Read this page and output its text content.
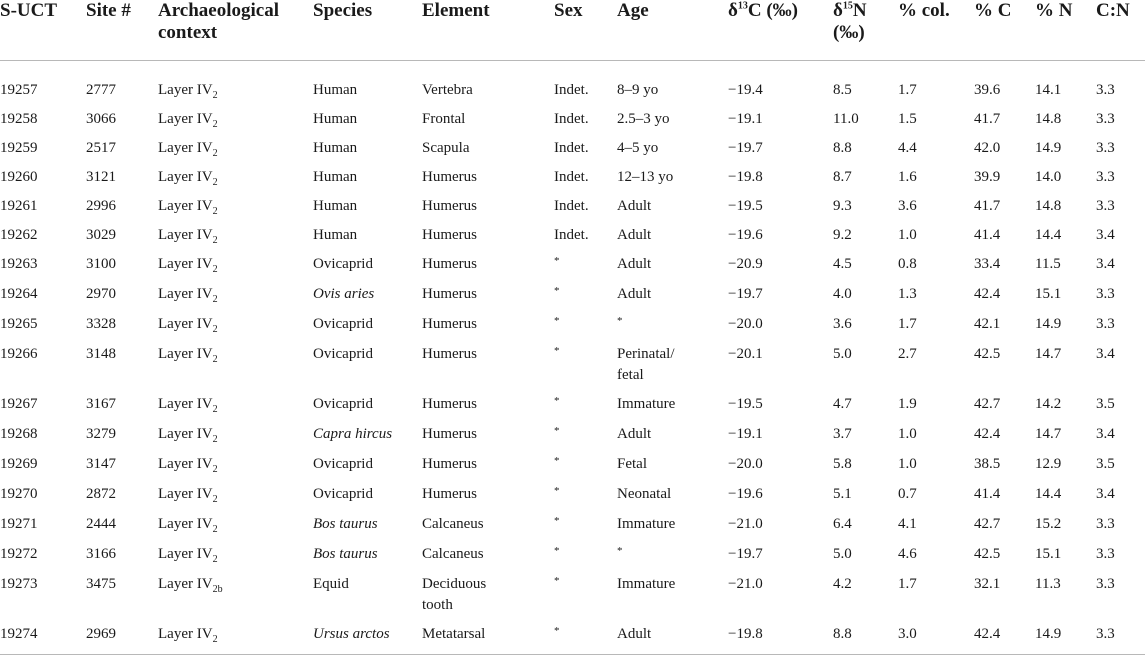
S-UCT	Site #	Archaeological
context	Species	Element	Sex	Age	$\delta^{13}C$ (‰)	$\delta^{15}N$
(‰)	% col.	% C	% N	C:N
19257	2777	Layer $IV_2$	Human	Vertebra	Indet.	8–9 yo	−19.4	8.5	1.7	39.6	14.1	3.3
19258	3066	Layer $IV_2$	Human	Frontal	Indet.	2.5–3 yo	−19.1	11.0	1.5	41.7	14.8	3.3
19259	2517	Layer $IV_2$	Human	Scapula	Indet.	4–5 yo	−19.7	8.8	4.4	42.0	14.9	3.3
19260	3121	Layer $IV_2$	Human	Humerus	Indet.	12–13 yo	−19.8	8.7	1.6	39.9	14.0	3.3
19261	2996	Layer $IV_2$	Human	Humerus	Indet.	Adult	−19.5	9.3	3.6	41.7	14.8	3.3
19262	3029	Layer $IV_2$	Human	Humerus	Indet.	Adult	−19.6	9.2	1.0	41.4	14.4	3.4
19263	3100	Layer $IV_2$	Ovicaprid	Humerus	*	Adult	−20.9	4.5	0.8	33.4	11.5	3.4
19264	2970	Layer $IV_2$	Ovis aries	Humerus	*	Adult	−19.7	4.0	1.3	42.4	15.1	3.3
19265	3328	Layer $IV_2$	Ovicaprid	Humerus	*	*	−20.0	3.6	1.7	42.1	14.9	3.3
19266	3148	Layer $IV_2$	Ovicaprid	Humerus	*	Perinatal/
fetal	−20.1	5.0	2.7	42.5	14.7	3.4
19267	3167	Layer $IV_2$	Ovicaprid	Humerus	*	Immature	−19.5	4.7	1.9	42.7	14.2	3.5
19268	3279	Layer $IV_2$	Capra hircus	Humerus	*	Adult	−19.1	3.7	1.0	42.4	14.7	3.4
19269	3147	Layer $IV_2$	Ovicaprid	Humerus	*	Fetal	−20.0	5.8	1.0	38.5	12.9	3.5
19270	2872	Layer $IV_2$	Ovicaprid	Humerus	*	Neonatal	−19.6	5.1	0.7	41.4	14.4	3.4
19271	2444	Layer $IV_2$	Bos taurus	Calcaneus	*	Immature	−21.0	6.4	4.1	42.7	15.2	3.3
19272	3166	Layer $IV_2$	Bos taurus	Calcaneus	*	*	−19.7	5.0	4.6	42.5	15.1	3.3
19273	3475	Layer $IV_{2b}$	Equid	Deciduous
tooth	*	Immature	−21.0	4.2	1.7	32.1	11.3	3.3
19274	2969	Layer $IV_2$	Ursus arctos	Metatarsal	*	Adult	−19.8	8.8	3.0	42.4	14.9	3.3
